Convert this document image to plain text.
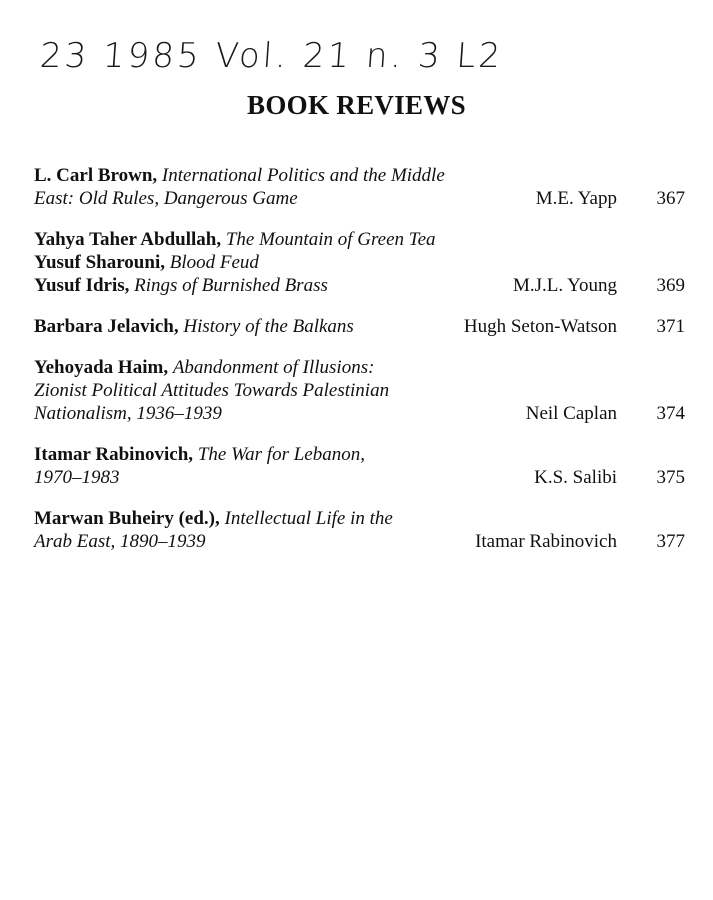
23 1985 Vol. 21 n. 3 L2
BOOK REVIEWS
L. Carl Brown, International Politics and the Middle
East: Old Rules, Dangerous Game	M.E. Yapp 367
Yahya Taher Abdullah, The Mountain of Green Tea
Yusuf Sharouni, Blood Feud
Yusuf Idris, Rings of Burnished Brass	M.J.L. Young 369
Barbara Jelavich, History of the Balkans	Hugh Seton-Watson 371
Yehoyada Haim, Abandonment of Illusions:
Zionist Political Attitudes Towards Palestinian
Nationalism, 1936–1939	Neil Caplan 374
Itamar Rabinovich, The War for Lebanon,
1970–1983	K.S. Salibi 375
Marwan Buheiry (ed.), Intellectual Life in the
Arab East, 1890–1939	Itamar Rabinovich 377
